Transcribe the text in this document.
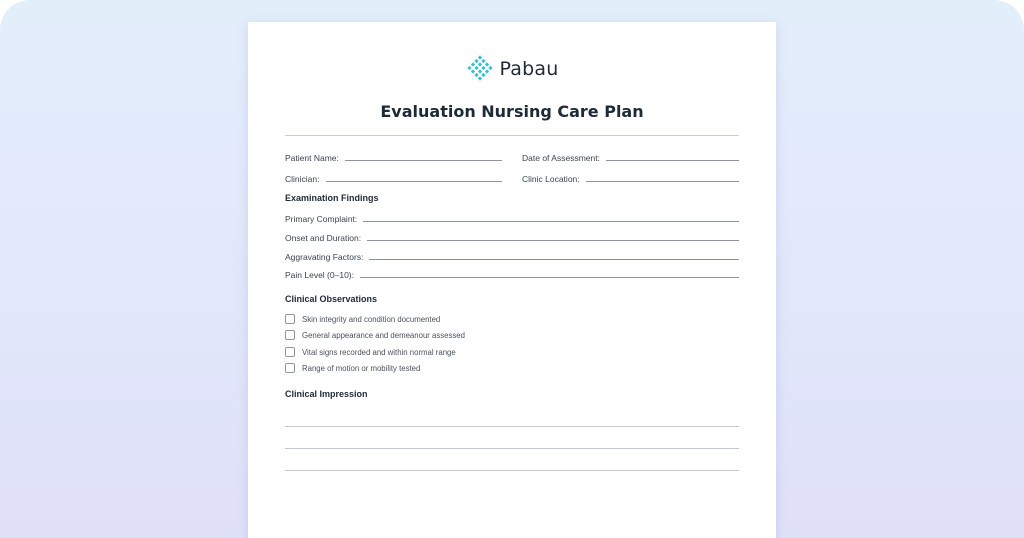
Pabau
Evaluation Nursing Care Plan
Patient Name:	Date of Assessment:
Clinician:	Clinic Location:
Examination Findings
Primary Complaint:
Onset and Duration:
Aggravating Factors:
Pain Level (0–10):
Clinical Observations
Skin integrity and condition documented
General appearance and demeanour assessed
Vital signs recorded and within normal range
Range of motion or mobility tested
Clinical Impression
